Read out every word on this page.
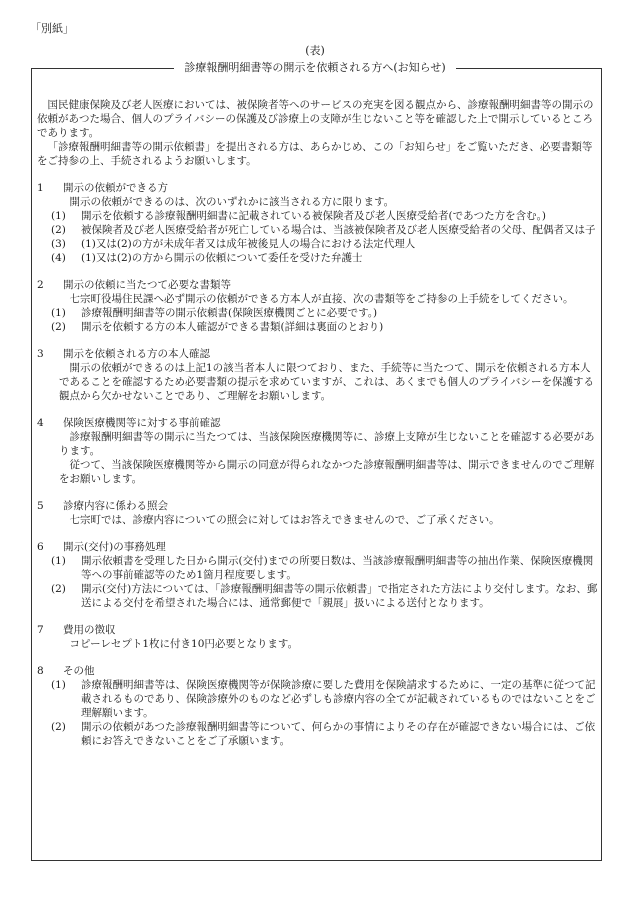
「別紙」
(表)
診療報酬明細書等の開示を依頼される方へ(お知らせ)

国民健康保険及び老人医療においては、被保険者等へのサービスの充実を図る観点から、診療報酬明細書等の開示の依頼があつた場合、個人のプライバシーの保護及び診療上の支障が生じないこと等を確認した上で開示しているところであります。

「診療報酬明細書等の開示依頼書」を提出される方は、あらかじめ、この「お知らせ」をご覧いただき、必要書類等をご持参の上、手続されるようお願いします。

1 開示の依頼ができる方

開示の依頼ができるのは、次のいずれかに該当される方に限ります。

(1) 開示を依頼する診療報酬明細書に記載されている被保険者及び老人医療受給者(であつた方を含む。)
(2) 被保険者及び老人医療受給者が死亡している場合は、当該被保険者及び老人医療受給者の父母、配偶者又は子
(3) (1)又は(2)の方が未成年者又は成年被後見人の場合における法定代理人
(4) (1)又は(2)の方から開示の依頼について委任を受けた弁護士
2 開示の依頼に当たつて必要な書類等

七宗町役場住民課へ必ず開示の依頼ができる方本人が直接、次の書類等をご持参の上手続をしてください。

(1) 診療報酬明細書等の開示依頼書(保険医療機関ごとに必要です。)
(2) 開示を依頼する方の本人確認ができる書類(詳細は裏面のとおり)
3 開示を依頼される方の本人確認

開示の依頼ができるのは上記1の該当者本人に限つており、また、手続等に当たつて、開示を依頼される方本人であることを確認するため必要書類の提示を求めていますが、これは、あくまでも個人のプライバシーを保護する観点から欠かせないことであり、ご理解をお願いします。

4 保険医療機関等に対する事前確認

診療報酬明細書等の開示に当たつては、当該保険医療機関等に、診療上支障が生じないことを確認する必要があります。

従つて、当該保険医療機関等から開示の同意が得られなかつた診療報酬明細書等は、開示できませんのでご理解をお願いします。

5 診療内容に係わる照会

七宗町では、診療内容についての照会に対してはお答えできませんので、ご了承ください。

6 開示(交付)の事務処理
(1) 開示依頼書を受理した日から開示(交付)までの所要日数は、当該診療報酬明細書等の抽出作業、保険医療機関等への事前確認等のため1箇月程度要します。
(2) 開示(交付)方法については、「診療報酬明細書等の開示依頼書」で指定された方法により交付します。なお、郵送による交付を希望された場合には、通常郵便で「親展」扱いによる送付となります。
7 費用の徴収

コピーレセプト1枚に付き10円必要となります。

8 その他
(1) 診療報酬明細書等は、保険医療機関等が保険診療に要した費用を保険請求するために、一定の基準に従つて記載されるものであり、保険診療外のものなど必ずしも診療内容の全てが記載されているものではないことをご理解願います。
(2) 開示の依頼があつた診療報酬明細書等について、何らかの事情によりその存在が確認できない場合には、ご依頼にお答えできないことをご了承願います。
